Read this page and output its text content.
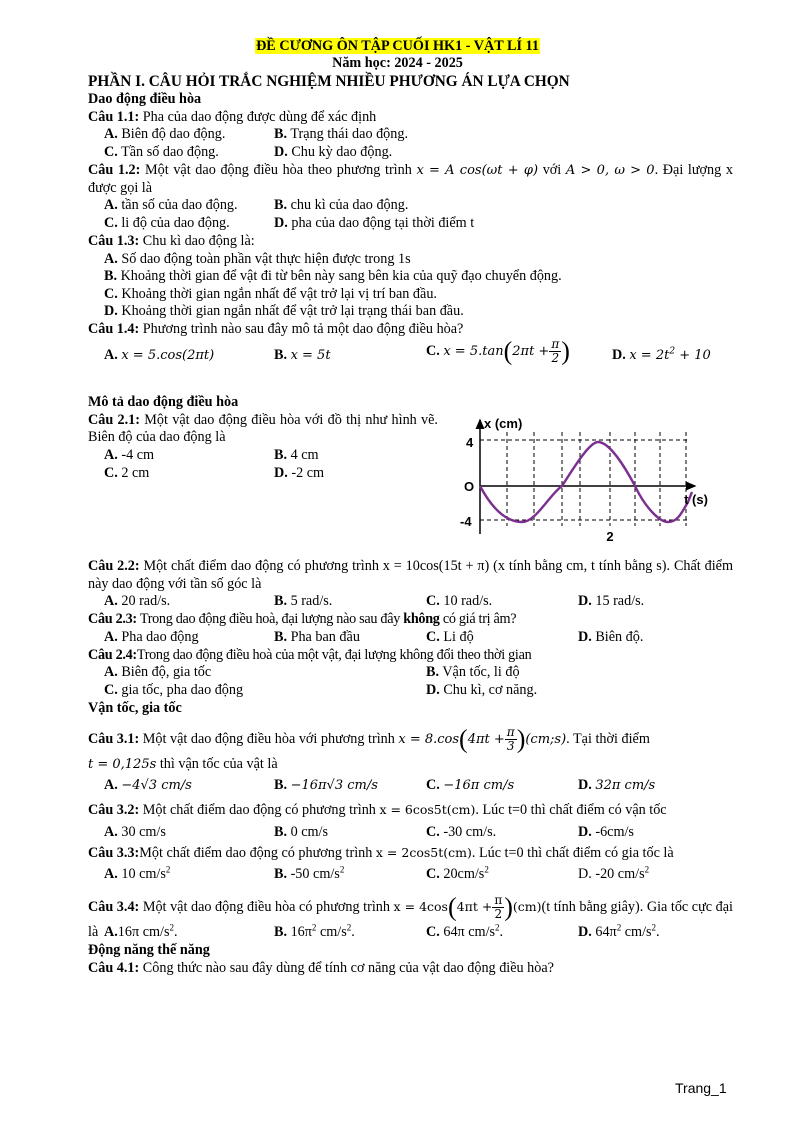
ĐỀ CƯƠNG ÔN TẬP CUỐI HK1 - VẬT LÍ 11
Năm học: 2024 - 2025
PHẦN I. CÂU HỎI TRẮC NGHIỆM NHIỀU PHƯƠNG ÁN LỰA CHỌN
Dao động điều hòa
Câu 1.1: Pha của dao động được dùng để xác định
A. Biên độ dao động.	B. Trạng thái dao động.
C. Tần số dao động.	D. Chu kỳ dao động.
Câu 1.2: Một vật dao động điều hòa theo phương trình x = A cos(ωt + φ) với A > 0, ω > 0. Đại lượng x được gọi là
A. tần số của dao động.	B. chu kì của dao động.
C. li độ của dao động.	D. pha của dao động tại thời điểm t
Câu 1.3: Chu kì dao động là:
A. Số dao động toàn phần vật thực hiện được trong 1s
B. Khoảng thời gian để vật đi từ bên này sang bên kia của quỹ đạo chuyển động.
C. Khoảng thời gian ngắn nhất để vật trở lại vị trí ban đầu.
D. Khoảng thời gian ngắn nhất để vật trở lại trạng thái ban đầu.
Câu 1.4: Phương trình nào sau đây mô tả một dao động điều hòa?
A. x = 5.cos(2πt)	B. x = 5t	C. $x = 5.\tan(2\pi t + \frac{\pi}{2}$ )	D. $x = 2t^2 + 10$
Mô tả dao động điều hòa
Câu 2.1: Một vật dao động điều hòa với đồ thị như hình vẽ. Biên độ của dao động là
A. -4 cm	B. 4 cm
C. 2 cm	D. -2 cm
x (cm)
t (s)
O
4
-4
2
Câu 2.2: Một chất điểm dao động có phương trình x = 10cos(15t + π) (x tính bằng cm, t tính bằng s). Chất điểm này dao động với tần số góc là
A. 20 rad/s.	B. 5 rad/s.	C. 10 rad/s.	D. 15 rad/s.
Câu 2.3: Trong dao động điều hoà, đại lượng nào sau đây không có giá trị âm?
A. Pha dao động	B. Pha ban đầu	C. Li độ	D. Biên độ.
Câu 2.4:Trong dao động điều hoà của một vật, đại lượng không đổi theo thời gian
A. Biên độ, gia tốc	B. Vận tốc, li độ
C. gia tốc, pha dao động	D. Chu kì, cơ năng.
Vận tốc, gia tốc
Câu 3.1: Một vật dao động điều hòa với phương trình $x = 8.\cos(4\pi t + \frac{\pi}{3}$ )(cm;s). Tại thời điểm
t = 0,125s thì vận tốc của vật là
A. −4√3 cm/s	B. −16π√3 cm/s	C. −16π cm/s	D. 32π cm/s
Câu 3.2: Một chất điểm dao động có phương trình x = 6cos5t(cm). Lúc t=0 thì chất điểm có vận tốc
A. 30 cm/s	B. 0 cm/s	C. -30 cm/s.	D. -6cm/s
Câu 3.3:Một chất điểm dao động có phương trình x = 2cos5t(cm). Lúc t=0 thì chất điểm có gia tốc là
A. 10 $cm/s^2$	B. -50 $cm/s^2$	C. $20cm/s^2$	D. -20 $cm/s^2$
Câu 3.4: Một vật dao động điều hòa có phương trình $x = 4\cos(4\pi t + \frac{\pi}{2} )(cm)(t$ tính bằng giây). Gia tốc cực đại là A.16π $cm/s^2$.	B. $16\pi^2$ $cm/s^2$.	C. 64π $cm/s^2$.	D. $64\pi^2$ $cm/s^2$.
Động năng thế năng
Câu 4.1: Công thức nào sau đây dùng để tính cơ năng của vật dao động điều hòa?
Trang_1
